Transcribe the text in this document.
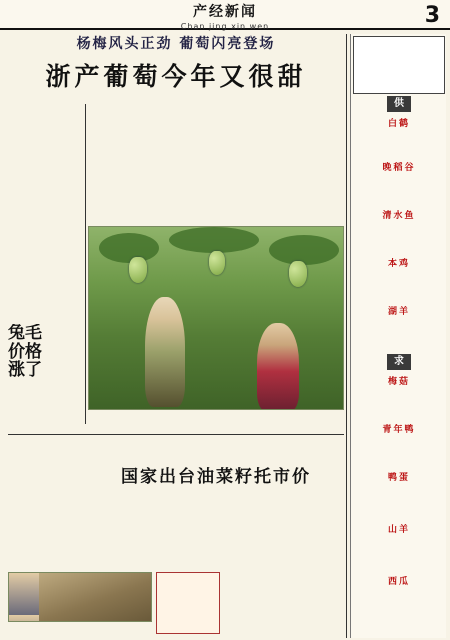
产经新闻
Chan jing xin wen	3
杨梅风头正劲 葡萄闪亮登场
浙产葡萄今年又很甜
兔毛价格涨了
国家出台油菜籽托市价
供
白鹤
晚稻谷
清水鱼
本鸡
湖羊
求
梅菇
青年鸭
鸭蛋
山羊
西瓜
